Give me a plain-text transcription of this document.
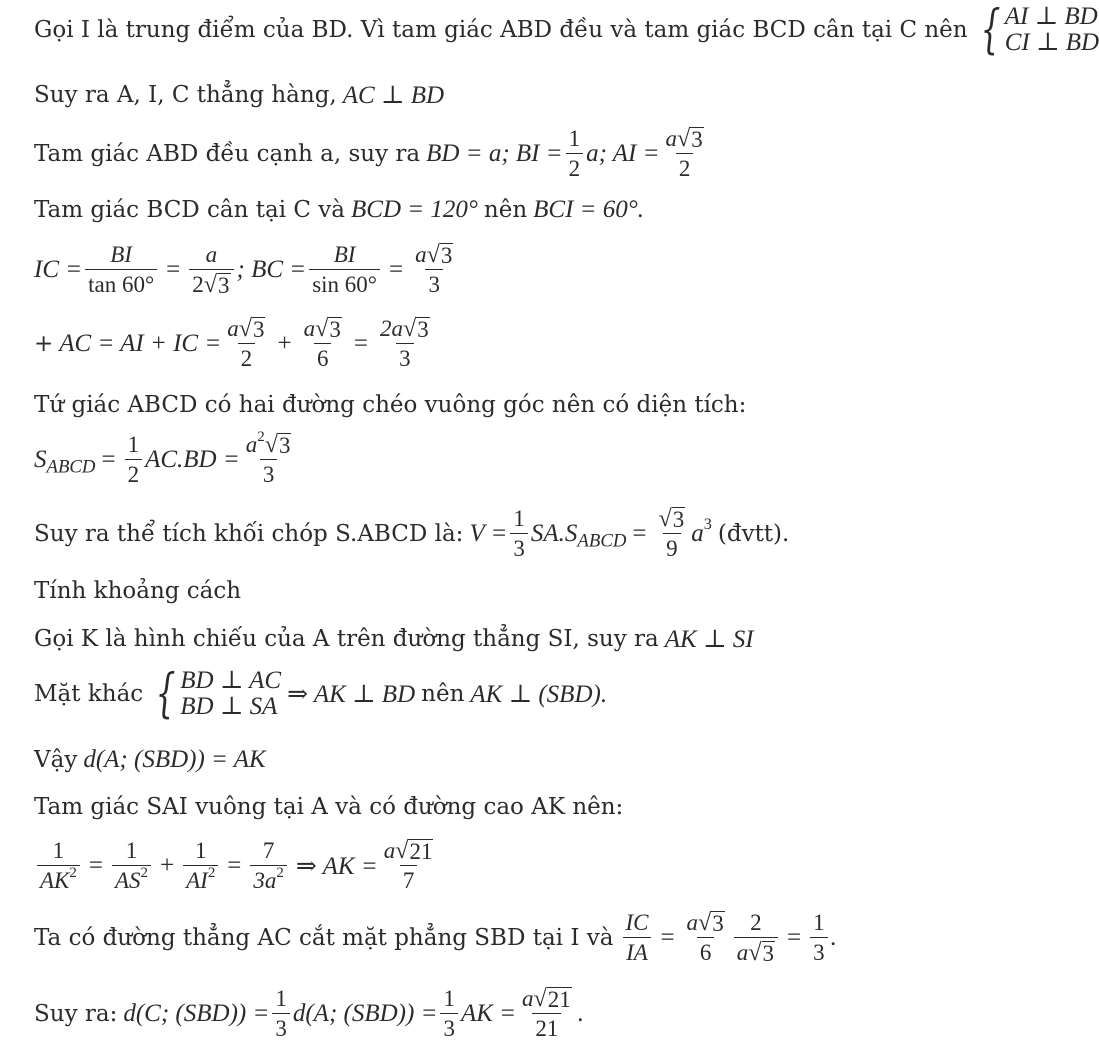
Gọi I là trung điểm của BD. Vì tam giác ABD đều và tam giác BCD cân tại C nên { AI ⊥ BD
CI ⊥ BD
Suy ra A, I, C thẳng hàng, AC ⊥ BD
Tam giác ABD đều cạnh a, suy ra BD = a; BI = $\frac{1}{2} a$; AI = $\frac{a √ 3}{2}$
Tam giác BCD cân tại C và BCD = 120° nên BCI = 60°.
IC = $\frac{BI}{\tan 60^\circ} = \frac{a}{2 √ 3}$ ; BC = $\frac{BI}{\sin 60^\circ} = \frac{a √ 3}{3}$
+ AC = AI + IC = $\frac{a √ 3}{2} + \frac{a √ 3}{6} = \frac{2a √ 3}{3}$
Tứ giác ABCD có hai đường chéo vuông góc nên có diện tích:
$S_{ABCD} = \frac{1}{2} AC.BD = \frac{a^2 √ 3}{3}$
Suy ra thể tích khối chóp S.ABCD là: $V = \frac{1}{3} SA.S_{ABCD} = \frac{√ 3}{9} a^3$ (đvtt).
Tính khoảng cách
Gọi K là hình chiếu của A trên đường thẳng SI, suy ra AK ⊥ SI
Mặt khác { BD ⊥ AC
BD ⊥ SA ⇒ AK ⊥ BD nên AK ⊥ (SBD).
Vậy d(A; (SBD)) = AK
Tam giác SAI vuông tại A và có đường cao AK nên:
$\frac{1}{AK^2} = \frac{1}{AS^2} + \frac{1}{AI^2} = \frac{7}{3a^2}$ ⇒ AK = $\frac{a √ 21}{7}$
Ta có đường thẳng AC cắt mặt phẳng SBD tại I và $\frac{IC}{IA} = \frac{a √ 3}{6} \frac{2}{a √ 3} = \frac{1}{3}$ .
Suy ra: d(C; $(SBD)) = \frac{1}{3} d(A$; $(SBD)) = \frac{1}{3}$ AK = $\frac{a √ 21}{21}$ .
